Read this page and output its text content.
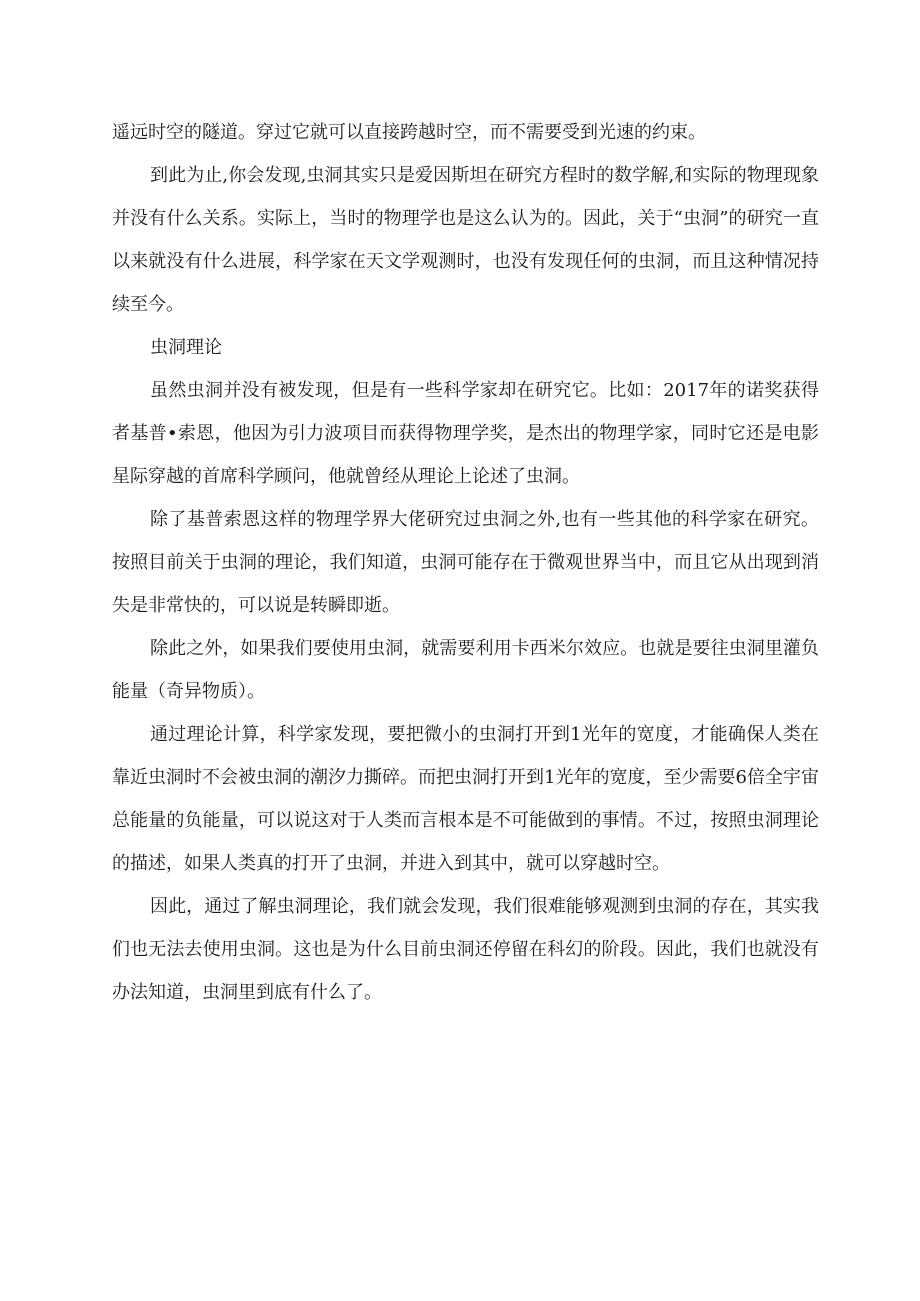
遥远时空的隧道。穿过它就可以直接跨越时空，而不需要受到光速的约束。

到此为止,你会发现,虫洞其实只是爱因斯坦在研究方程时的数学解,和实际的物理现象并没有什么关系。实际上，当时的物理学也是这么认为的。因此，关于“虫洞”的研究一直以来就没有什么进展，科学家在天文学观测时，也没有发现任何的虫洞，而且这种情况持续至今。

虫洞理论

虽然虫洞并没有被发现，但是有一些科学家却在研究它。比如：2017年的诺奖获得者基普•索恩，他因为引力波项目而获得物理学奖，是杰出的物理学家，同时它还是电影星际穿越的首席科学顾问，他就曾经从理论上论述了虫洞。

除了基普索恩这样的物理学界大佬研究过虫洞之外,也有一些其他的科学家在研究。按照目前关于虫洞的理论，我们知道，虫洞可能存在于微观世界当中，而且它从出现到消失是非常快的，可以说是转瞬即逝。

除此之外，如果我们要使用虫洞，就需要利用卡西米尔效应。也就是要往虫洞里灌负能量（奇异物质）。

通过理论计算，科学家发现，要把微小的虫洞打开到1光年的宽度，才能确保人类在靠近虫洞时不会被虫洞的潮汐力撕碎。而把虫洞打开到1光年的宽度，至少需要6倍全宇宙总能量的负能量，可以说这对于人类而言根本是不可能做到的事情。不过，按照虫洞理论的描述，如果人类真的打开了虫洞，并进入到其中，就可以穿越时空。

因此，通过了解虫洞理论，我们就会发现，我们很难能够观测到虫洞的存在，其实我们也无法去使用虫洞。这也是为什么目前虫洞还停留在科幻的阶段。因此，我们也就没有办法知道，虫洞里到底有什么了。
